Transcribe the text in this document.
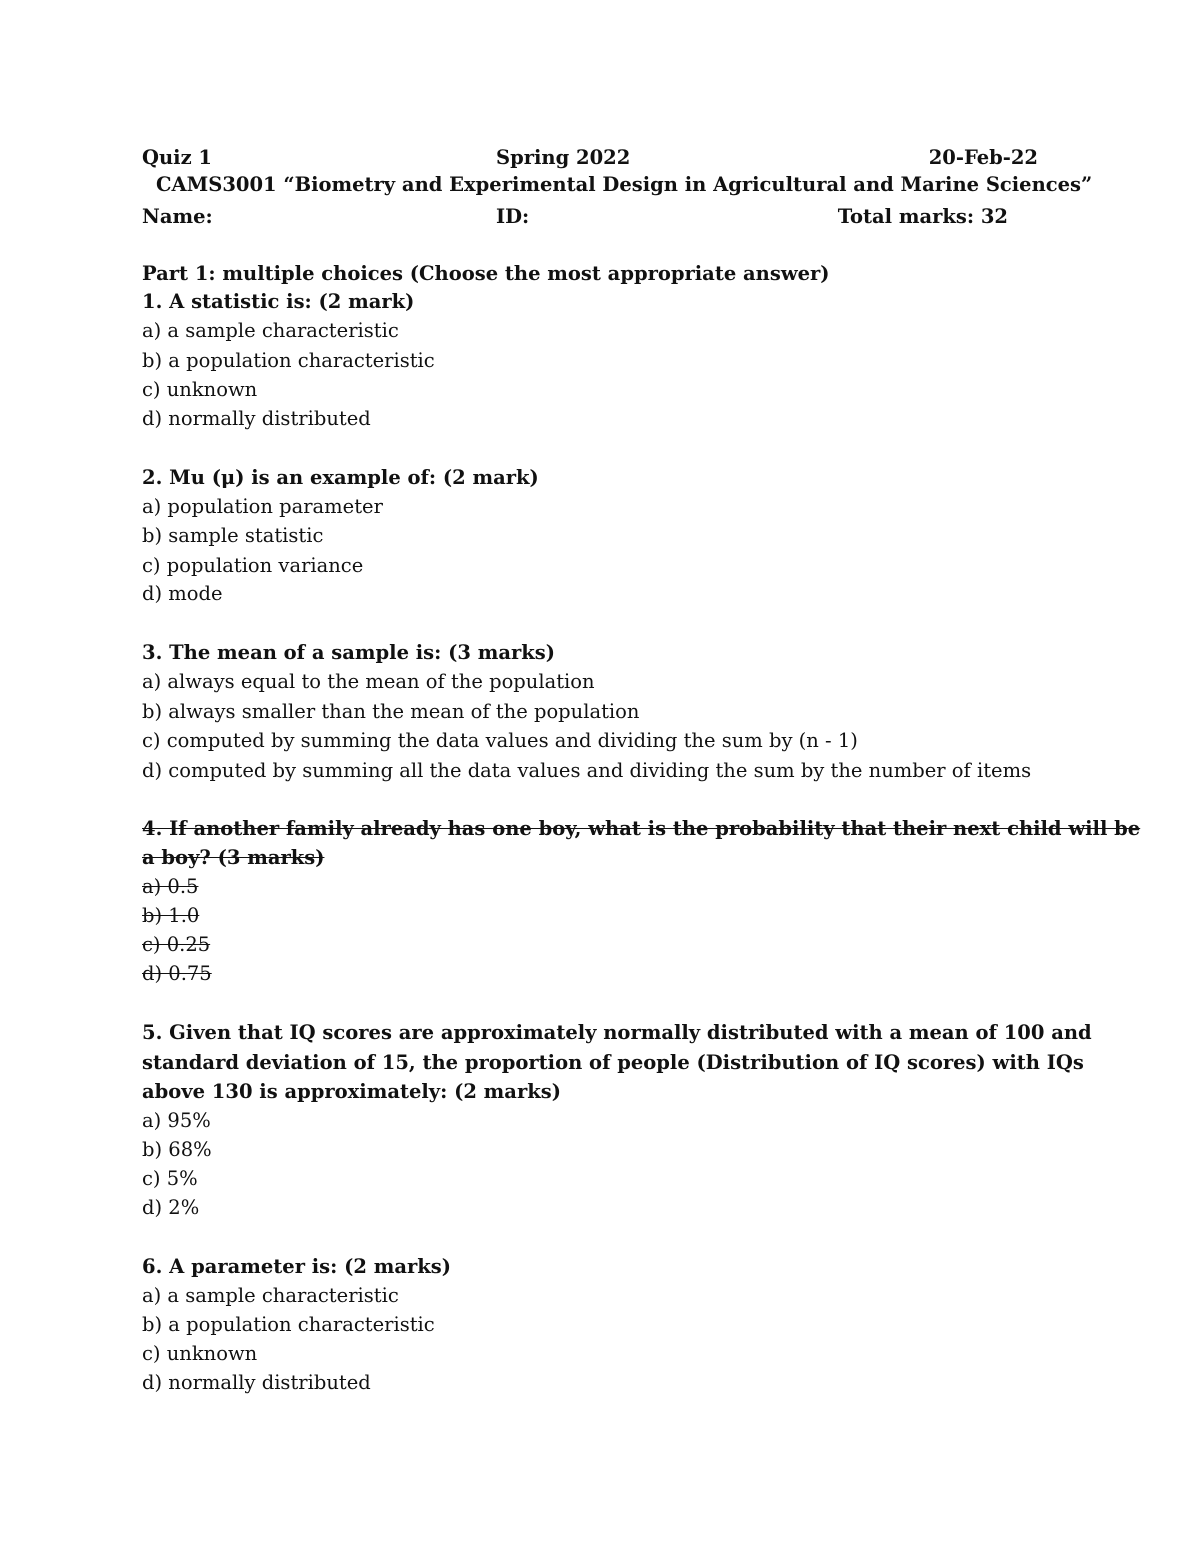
Quiz 1	Spring 2022	20-Feb-22
CAMS3001 “Biometry and Experimental Design in Agricultural and Marine Sciences”
Name:	ID:	Total marks: 32
Part 1: multiple choices (Choose the most appropriate answer)
1. A statistic is: (2 mark)
a) a sample characteristic
b) a population characteristic
c) unknown
d) normally distributed
2. Mu (μ) is an example of: (2 mark)
a) population parameter
b) sample statistic
c) population variance
d) mode
3. The mean of a sample is: (3 marks)
a) always equal to the mean of the population
b) always smaller than the mean of the population
c) computed by summing the data values and dividing the sum by (n - 1)
d) computed by summing all the data values and dividing the sum by the number of items
4. If another family already has one boy, what is the probability that their next child will be
a boy? (3 marks)
a) 0.5
b) 1.0
c) 0.25
d) 0.75
5. Given that IQ scores are approximately normally distributed with a mean of 100 and
standard deviation of 15, the proportion of people (Distribution of IQ scores) with IQs
above 130 is approximately: (2 marks)
a) 95%
b) 68%
c) 5%
d) 2%
6. A parameter is: (2 marks)
a) a sample characteristic
b) a population characteristic
c) unknown
d) normally distributed
